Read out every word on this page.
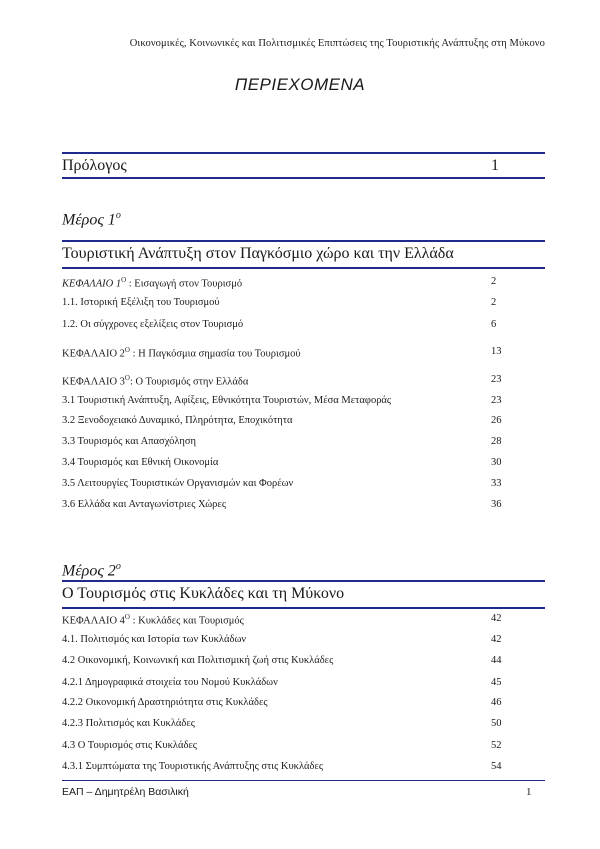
Οικονομικές, Κοινωνικές και Πολιτισμικές Επιπτώσεις της Τουριστικής Ανάπτυξης στη Μύκονο
ΠΕΡΙΕΧΟΜΕΝΑ
Πρόλογος	1
Μέρος $1^o$
Τουριστική Ανάπτυξη στον Παγκόσμιο χώρο και την Ελλάδα
ΚΕΦΑΛΑΙΟ $1^O$ : Εισαγωγή στον Τουρισμό	2
1.1. Ιστορική Εξέλιξη του Τουρισμού	2
1.2. Οι σύγχρονες εξελίξεις στον Τουρισμό	6
ΚΕΦΑΛΑΙΟ $2^O$ : Η Παγκόσμια σημασία του Τουρισμού	13
ΚΕΦΑΛΑΙΟ $3^O$: Ο Τουρισμός στην Ελλάδα	23
3.1 Τουριστική Ανάπτυξη, Αφίξεις, Εθνικότητα Τουριστών, Μέσα Μεταφοράς	23
3.2 Ξενοδοχειακό Δυναμικό, Πληρότητα, Εποχικότητα	26
3.3 Τουρισμός και Απασχόληση	28
3.4 Τουρισμός και Εθνική Οικονομία	30
3.5 Λειτουργίες Τουριστικών Οργανισμών και Φορέων	33
3.6 Ελλάδα και Ανταγωνίστριες Χώρες	36
Μέρος $2^o$
Ο Τουρισμός στις Κυκλάδες και τη Μύκονο
ΚΕΦΑΛΑΙΟ $4^O$ : Κυκλάδες και Τουρισμός	42
4.1. Πολιτισμός και Ιστορία των Κυκλάδων	42
4.2 Οικονομική, Κοινωνική και Πολιτισμική ζωή στις Κυκλάδες	44
4.2.1 Δημογραφικά στοιχεία του Νομού Κυκλάδων	45
4.2.2 Οικονομική Δραστηριότητα στις Κυκλάδες	46
4.2.3 Πολιτισμός και Κυκλάδες	50
4.3 Ο Τουρισμός στις Κυκλάδες	52
4.3.1 Συμπτώματα της Τουριστικής Ανάπτυξης στις Κυκλάδες	54
ΕΑΠ – Δημητρέλη Βασιλική	1
